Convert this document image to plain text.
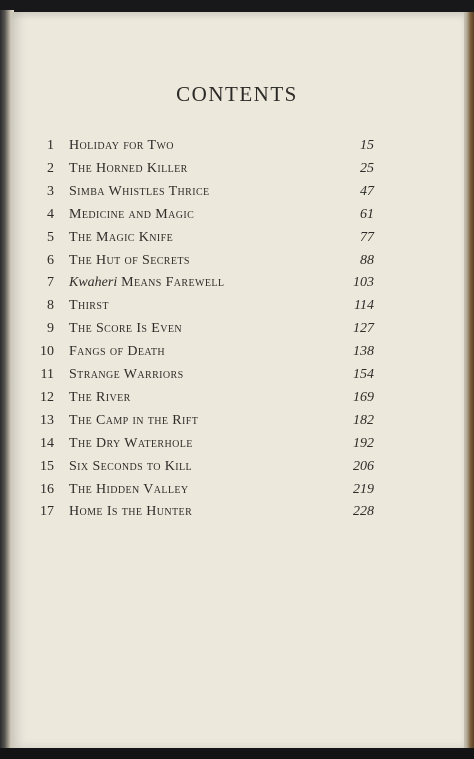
CONTENTS
1 Holiday for Two	15
2 The Horned Killer	25
3 Simba Whistles Thrice	47
4 Medicine and Magic	61
5 The Magic Knife	77
6 The Hut of Secrets	88
7 Kwaheri Means Farewell	103
8 Thirst	114
9 The Score Is Even	127
10 Fangs of Death	138
11 Strange Warriors	154
12 The River	169
13 The Camp in the Rift	182
14 The Dry Waterhole	192
15 Six Seconds to Kill	206
16 The Hidden Valley	219
17 Home Is the Hunter	228
